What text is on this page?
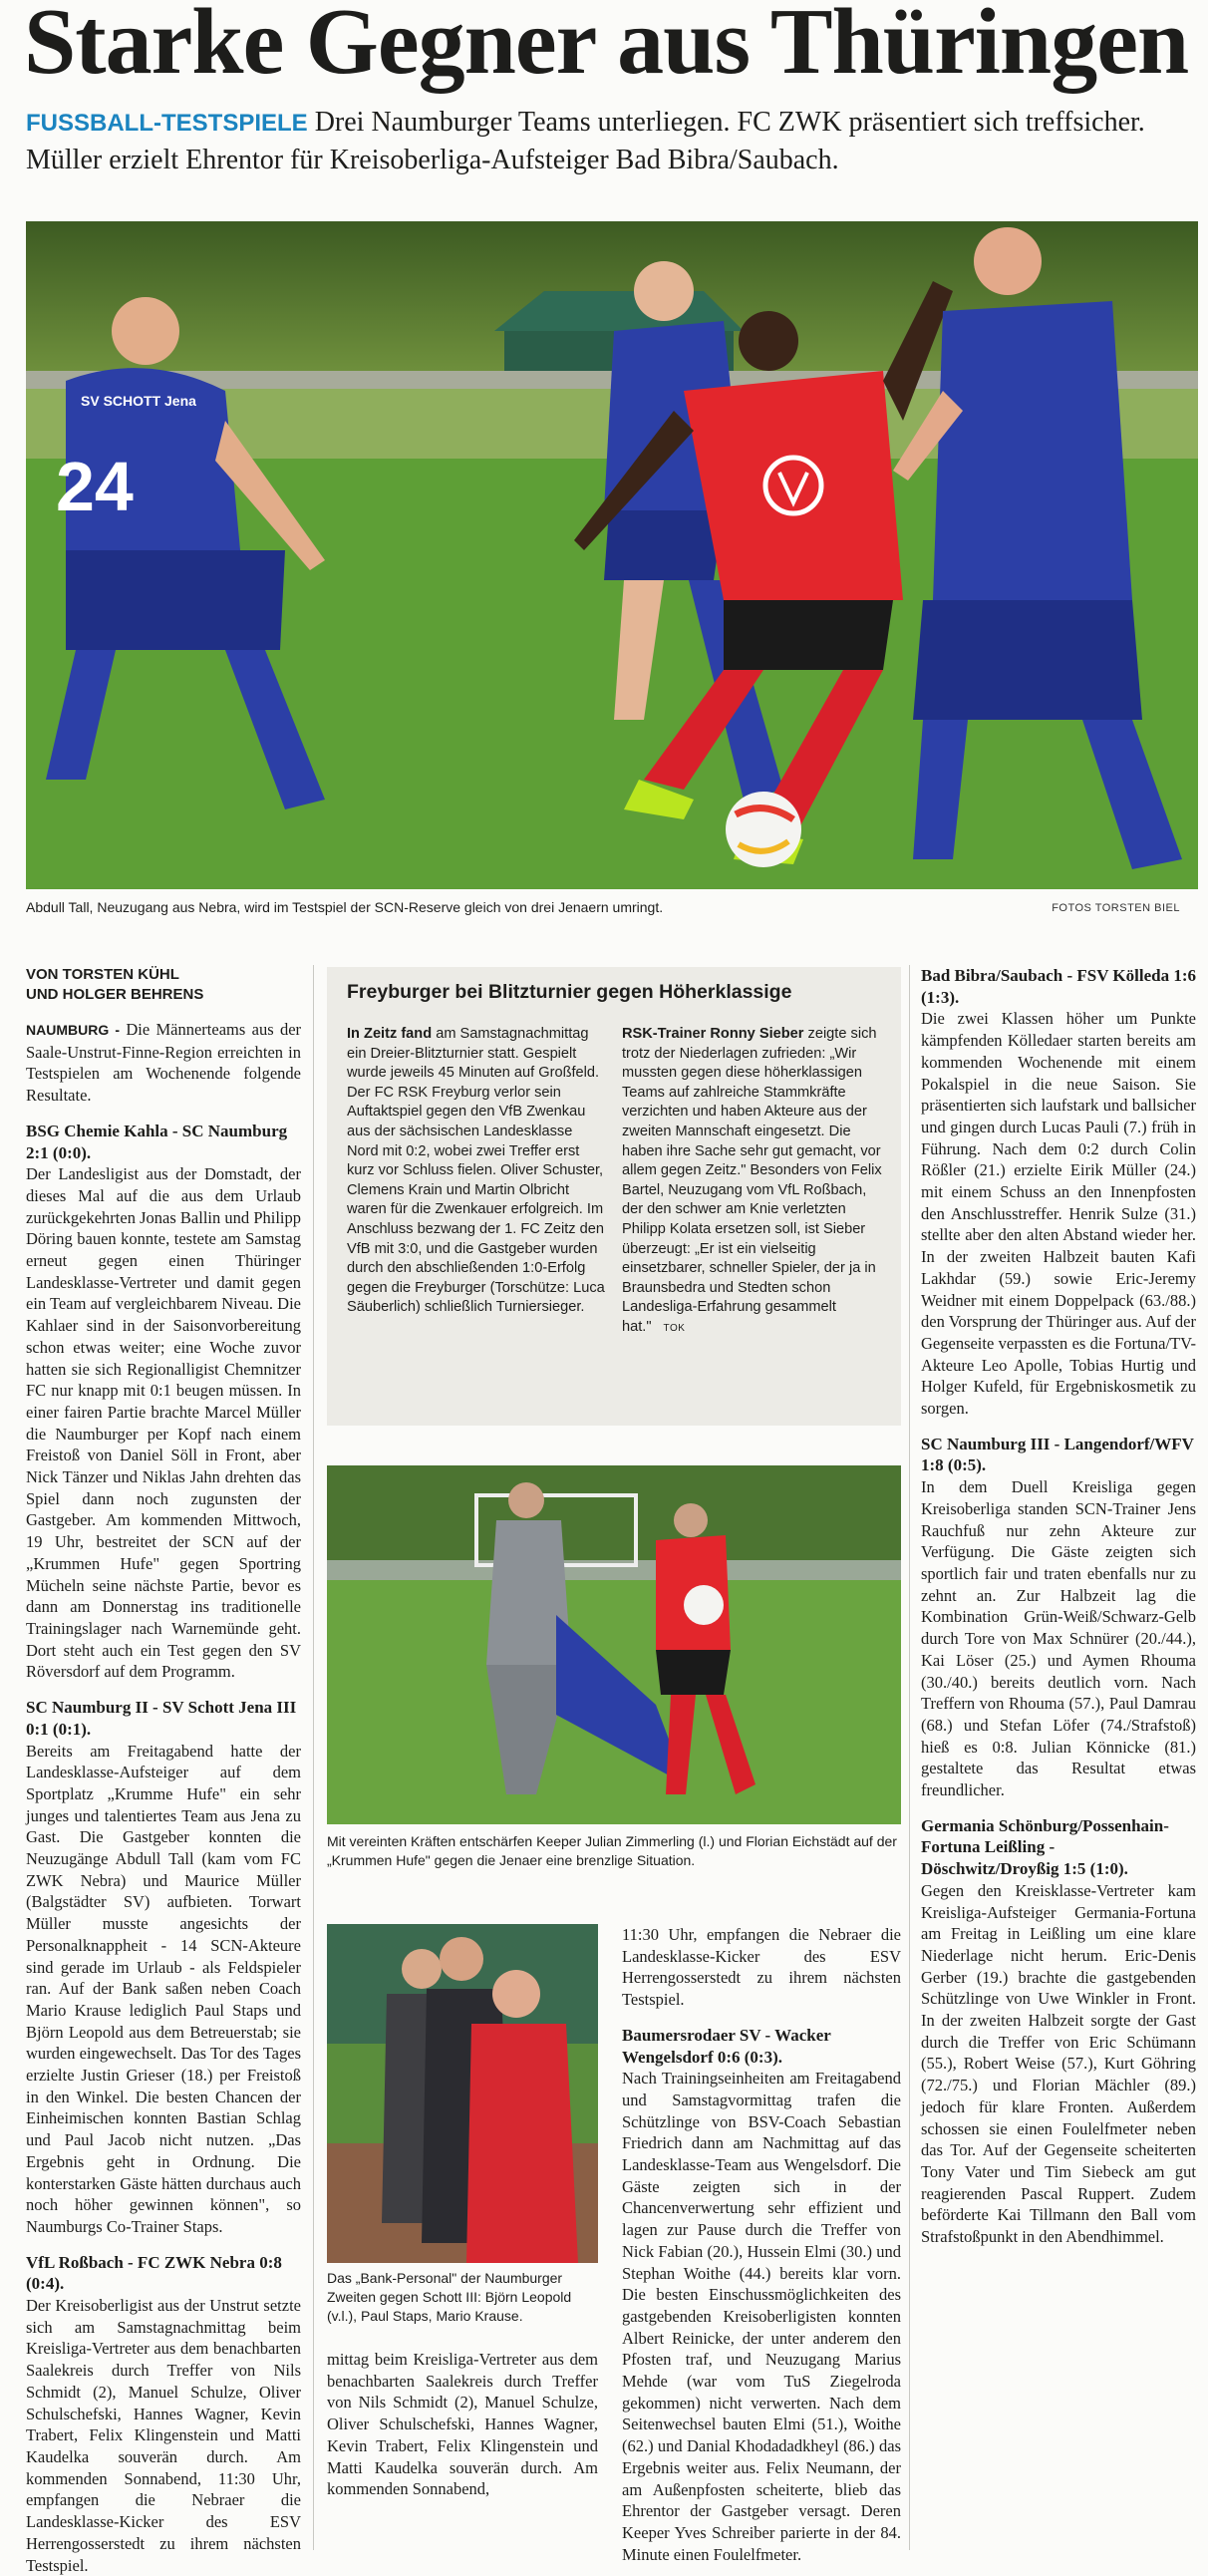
Starke Gegner aus Thüringen

FUSSBALL-TESTSPIELE Drei Naumburger Teams unterliegen. FC ZWK präsentiert sich treffsicher. Müller erzielt Ehrentor für Kreisoberliga-Aufsteiger Bad Bibra/Saubach.

SV SCHOTT Jena
24

Abdull Tall, Neuzugang aus Nebra, wird im Testspiel der SCN-Reserve gleich von drei Jenaern umringt.	FOTOS TORSTEN BIEL

VON TORSTEN KÜHL
UND HOLGER BEHRENS

NAUMBURG - Die Männerteams aus der Saale-Unstrut-Finne-Region erreichten in Testspielen am Wochenende folgende Resultate.

BSG Chemie Kahla - SC Naumburg 2:1 (0:0).

Der Landesligist aus der Domstadt, der dieses Mal auf die aus dem Urlaub zurückgekehrten Jonas Ballin und Philipp Döring bauen konnte, testete am Samstag erneut gegen einen Thüringer Landesklasse-Vertreter und damit gegen ein Team auf vergleichbarem Niveau. Die Kahlaer sind in der Saisonvorbereitung schon etwas weiter; eine Woche zuvor hatten sie sich Regionalligist Chemnitzer FC nur knapp mit 0:1 beugen müssen. In einer fairen Partie brachte Marcel Müller die Naumburger per Kopf nach einem Freistoß von Daniel Söll in Front, aber Nick Tänzer und Niklas Jahn drehten das Spiel dann noch zugunsten der Gastgeber. Am kommenden Mittwoch, 19 Uhr, bestreitet der SCN auf der „Krummen Hufe" gegen Sportring Mücheln seine nächste Partie, bevor es dann am Donnerstag ins traditionelle Trainingslager nach Warnemünde geht. Dort steht auch ein Test gegen den SV Röversdorf auf dem Programm.

SC Naumburg II - SV Schott Jena III 0:1 (0:1).

Bereits am Freitagabend hatte der Landesklasse-Aufsteiger auf dem Sportplatz „Krumme Hufe" ein sehr junges und talentiertes Team aus Jena zu Gast. Die Gastgeber konnten die Neuzugänge Abdull Tall (kam vom FC ZWK Nebra) und Maurice Müller (Balgstädter SV) aufbieten. Torwart Müller musste angesichts der Personalknappheit - 14 SCN-Akteure sind gerade im Urlaub - als Feldspieler ran. Auf der Bank saßen neben Coach Mario Krause lediglich Paul Staps und Björn Leopold aus dem Betreuerstab; sie wurden eingewechselt. Das Tor des Tages erzielte Justin Grieser (18.) per Freistoß in den Winkel. Die besten Chancen der Einheimischen konnten Bastian Schlag und Paul Jacob nicht nutzen. „Das Ergebnis geht in Ordnung. Die konterstarken Gäste hätten durchaus auch noch höher gewinnen können", so Naumburgs Co-Trainer Staps.

VfL Roßbach - FC ZWK Nebra 0:8 (0:4).

Der Kreisoberligist aus der Unstrut setzte sich am Samstagnachmittag beim Kreisliga-Vertreter aus dem benachbarten Saalekreis durch Treffer von Nils Schmidt (2), Manuel Schulze, Oliver Schulschefski, Hannes Wagner, Kevin Trabert, Felix Klingenstein und Matti Kaudelka souverän durch. Am kommenden Sonnabend, 11:30 Uhr, empfangen die Nebraer die Landesklasse-Kicker des ESV Herrengosserstedt zu ihrem nächsten Testspiel.

Freyburger bei Blitzturnier gegen Höherklassige

In Zeitz fand am Samstagnachmittag ein Dreier-Blitzturnier statt. Gespielt wurde jeweils 45 Minuten auf Großfeld. Der FC RSK Freyburg verlor sein Auftaktspiel gegen den VfB Zwenkau aus der sächsischen Landesklasse Nord mit 0:2, wobei zwei Treffer erst kurz vor Schluss fielen. Oliver Schuster, Clemens Krain und Martin Olbricht waren für die Zwenkauer erfolgreich. Im Anschluss bezwang der 1. FC Zeitz den VfB mit 3:0, und die Gastgeber wurden durch den abschließenden 1:0-Erfolg gegen die Freyburger (Torschütze: Luca Säuberlich) schließlich Turniersieger.

RSK-Trainer Ronny Sieber zeigte sich trotz der Niederlagen zufrieden: „Wir mussten gegen diese höherklassigen Teams auf zahlreiche Stammkräfte verzichten und haben Akteure aus der zweiten Mannschaft eingesetzt. Die haben ihre Sache sehr gut gemacht, vor allem gegen Zeitz." Besonders von Felix Bartel, Neuzugang vom VfL Roßbach, der den schwer am Knie verletzten Philipp Kolata ersetzen soll, ist Sieber überzeugt: „Er ist ein vielseitig einsetzbarer, schneller Spieler, der ja in Braunsbedra und Stedten schon Landesliga-Erfahrung gesammelt hat." TOK

Mit vereinten Kräften entschärfen Keeper Julian Zimmerling (l.) und Florian Eichstädt auf der „Krummen Hufe" gegen die Jenaer eine brenzlige Situation.

Das „Bank-Personal" der Naumburger Zweiten gegen Schott III: Björn Leopold (v.l.), Paul Staps, Mario Krause.

mittag beim Kreisliga-Vertreter aus dem benachbarten Saalekreis durch Treffer von Nils Schmidt (2), Manuel Schulze, Oliver Schulschefski, Hannes Wagner, Kevin Trabert, Felix Klingenstein und Matti Kaudelka souverän durch. Am kommenden Sonnabend,

11:30 Uhr, empfangen die Nebraer die Landesklasse-Kicker des ESV Herrengosserstedt zu ihrem nächsten Testspiel.

Baumersrodaer SV - Wacker Wengelsdorf 0:6 (0:3).

Nach Trainingseinheiten am Freitagabend und Samstagvormittag trafen die Schützlinge von BSV-Coach Sebastian Friedrich dann am Nachmittag auf das Landesklasse-Team aus Wengelsdorf. Die Gäste zeigten sich in der Chancenverwertung sehr effizient und lagen zur Pause durch die Treffer von Nick Fabian (20.), Hussein Elmi (30.) und Stephan Woithe (44.) bereits klar vorn. Die besten Einschussmöglichkeiten des gastgebenden Kreisoberligisten konnten Albert Reinicke, der unter anderem den Pfosten traf, und Neuzugang Marius Mehde (war vom TuS Ziegelroda gekommen) nicht verwerten. Nach dem Seitenwechsel bauten Elmi (51.), Woithe (62.) und Danial Khodadadkheyl (86.) das Ergebnis weiter aus. Felix Neumann, der am Außenpfosten scheiterte, blieb das Ehrentor der Gastgeber versagt. Deren Keeper Yves Schreiber parierte in der 84. Minute einen Foulelfmeter.

Bad Bibra/Saubach - FSV Kölleda 1:6 (1:3).

Die zwei Klassen höher um Punkte kämpfenden Kölledaer starten bereits am kommenden Wochenende mit einem Pokalspiel in die neue Saison. Sie präsentierten sich laufstark und ballsicher und gingen durch Lucas Pauli (7.) früh in Führung. Nach dem 0:2 durch Colin Rößler (21.) erzielte Eirik Müller (24.) mit einem Schuss an den Innenpfosten den Anschlusstreffer. Henrik Sulze (31.) stellte aber den alten Abstand wieder her. In der zweiten Halbzeit bauten Kafi Lakhdar (59.) sowie Eric-Jeremy Weidner mit einem Doppelpack (63./88.) den Vorsprung der Thüringer aus. Auf der Gegenseite verpassten es die Fortuna/TV-Akteure Leo Apolle, Tobias Hurtig und Holger Kufeld, für Ergebniskosmetik zu sorgen.

SC Naumburg III - Langendorf/WFV 1:8 (0:5).

In dem Duell Kreisliga gegen Kreisoberliga standen SCN-Trainer Jens Rauchfuß nur zehn Akteure zur Verfügung. Die Gäste zeigten sich sportlich fair und traten ebenfalls nur zu zehnt an. Zur Halbzeit lag die Kombination Grün-Weiß/Schwarz-Gelb durch Tore von Max Schnürer (20./44.), Kai Löser (25.) und Aymen Rhouma (30./40.) bereits deutlich vorn. Nach Treffern von Rhouma (57.), Paul Damrau (68.) und Stefan Löfer (74./Strafstoß) hieß es 0:8. Julian Könnicke (81.) gestaltete das Resultat etwas freundlicher.

Germania Schönburg/Possenhain-Fortuna Leißling - Döschwitz/Droyßig 1:5 (1:0).

Gegen den Kreisklasse-Vertreter kam Kreisliga-Aufsteiger Germania-Fortuna am Freitag in Leißling um eine klare Niederlage nicht herum. Eric-Denis Gerber (19.) brachte die gastgebenden Schützlinge von Uwe Winkler in Front. In der zweiten Halbzeit sorgte der Gast durch die Treffer von Eric Schümann (55.), Robert Weise (57.), Kurt Göhring (72./75.) und Florian Mächler (89.) jedoch für klare Fronten. Außerdem schossen sie einen Foulelfmeter neben das Tor. Auf der Gegenseite scheiterten Tony Vater und Tim Siebeck am gut reagierenden Pascal Ruppert. Zudem beförderte Kai Tillmann den Ball vom Strafstoßpunkt in den Abendhimmel.
